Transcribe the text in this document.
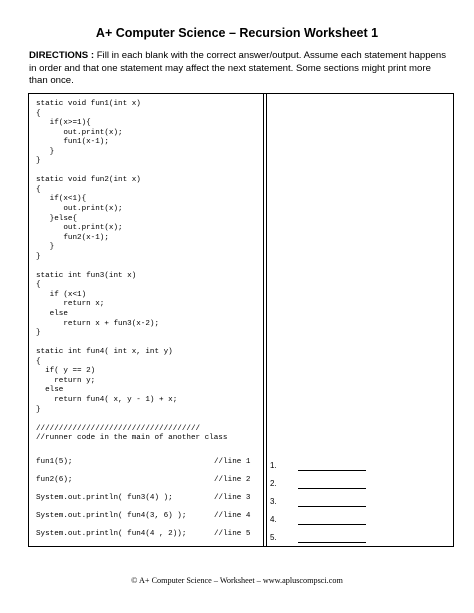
A+ Computer Science – Recursion Worksheet 1
DIRECTIONS : Fill in each blank with the correct answer/output. Assume each statement happens
in order and that one statement may affect the next statement. Some sections might print more
than once.
static void fun1(int x)
{
if(x>=1){
out.print(x);
fun1(x-1);
}
}
static void fun2(int x)
{
if(x<1){
out.print(x);
}else{
out.print(x);
fun2(x-1);
}
}
static int fun3(int x)
{
if (x<1)
return x;
else
return x + fun3(x-2);
}
static int fun4( int x, int y)
{
if( y == 2)
return y;
else
return fun4( x, y - 1) + x;
}
////////////////////////////////////
//runner code in the main of another class
fun1(5);	//line 1
fun2(6);	//line 2
System.out.println( fun3(4) );	//line 3
System.out.println( fun4(3, 6) );	//line 4
System.out.println( fun4(4 , 2));	//line 5
1.
2.
3.
4.
5.
© A+ Computer Science – Worksheet – www.apluscompsci.com
